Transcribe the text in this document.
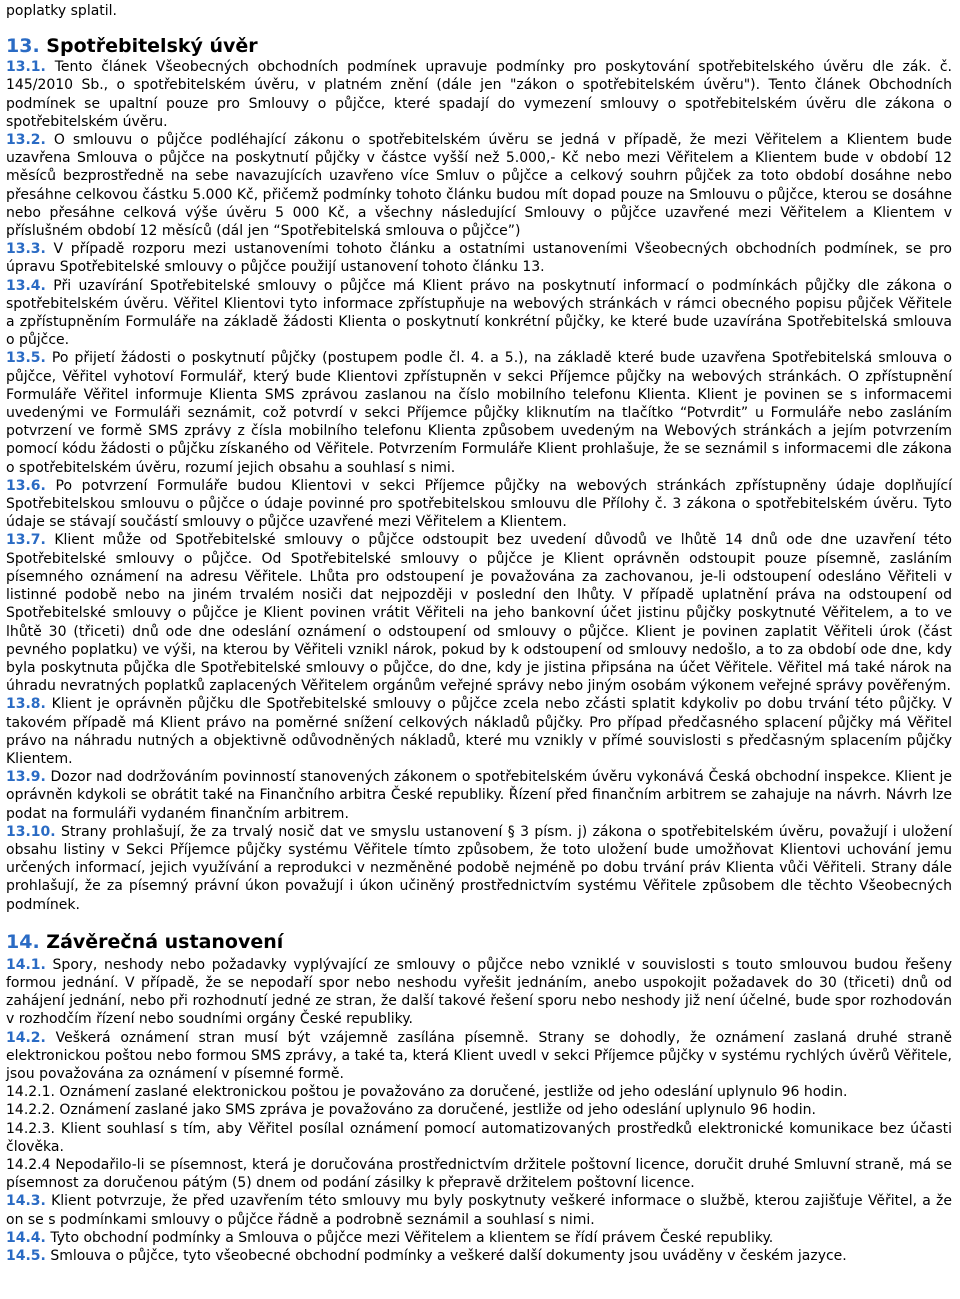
poplatky splatil.

13. Spotřebitelský úvěr

13.1. Tento článek Všeobecných obchodních podmínek upravuje podmínky pro poskytování spotřebitelského úvěru dle zák. č. 145/2010 Sb., o spotřebitelském úvěru, v platném znění (dále jen "zákon o spotřebitelském úvěru"). Tento článek Obchodních podmínek se upaltní pouze pro Smlouvy o půjčce, které spadají do vymezení smlouvy o spotřebitelském úvěru dle zákona o spotřebitelském úvěru.

13.2. O smlouvu o půjčce podléhající zákonu o spotřebitelském úvěru se jedná v případě, že mezi Věřitelem a Klientem bude uzavřena Smlouva o půjčce na poskytnutí půjčky v částce vyšší než 5.000,- Kč nebo mezi Věřitelem a Klientem bude v období 12 měsíců bezprostředně na sebe navazujících uzavřeno více Smluv o půjčce a celkový souhrn půjček za toto období dosáhne nebo přesáhne celkovou částku 5.000 Kč, přičemž podmínky tohoto článku budou mít dopad pouze na Smlouvu o půjčce, kterou se dosáhne nebo přesáhne celková výše úvěru 5 000 Kč, a všechny následující Smlouvy o půjčce uzavřené mezi Věřitelem a Klientem v příslušném období 12 měsíců (dál jen “Spotřebitelská smlouva o půjčce”)

13.3. V případě rozporu mezi ustanoveními tohoto článku a ostatními ustanoveními Všeobecných obchodních podmínek, se pro úpravu Spotřebitelské smlouvy o půjčce použijí ustanovení tohoto článku 13.

13.4. Při uzavírání Spotřebitelské smlouvy o půjčce má Klient právo na poskytnutí informací o podmínkách půjčky dle zákona o spotřebitelském úvěru. Věřitel Klientovi tyto informace zpřístupňuje na webových stránkách v rámci obecného popisu půjček Věřitele a zpřístupněním Formuláře na základě žádosti Klienta o poskytnutí konkrétní půjčky, ke které bude uzavírána Spotřebitelská smlouva o půjčce.

13.5. Po přijetí žádosti o poskytnutí půjčky (postupem podle čl. 4. a 5.), na základě které bude uzavřena Spotřebitelská smlouva o půjčce, Věřitel vyhotoví Formulář, který bude Klientovi zpřístupněn v sekci Příjemce půjčky na webových stránkách. O zpřístupnění Formuláře Věřitel informuje Klienta SMS zprávou zaslanou na číslo mobilního telefonu Klienta. Klient je povinen se s informacemi uvedenými ve Formuláři seznámit, což potvrdí v sekci Příjemce půjčky kliknutím na tlačítko “Potvrdit” u Formuláře nebo zasláním potvrzení ve formě SMS zprávy z čísla mobilního telefonu Klienta způsobem uvedeným na Webových stránkách a jejím potvrzením pomocí kódu žádosti o půjčku získaného od Věřitele. Potvrzením Formuláře Klient prohlašuje, že se seznámil s informacemi dle zákona o spotřebitelském úvěru, rozumí jejich obsahu a souhlasí s nimi.

13.6. Po potvrzení Formuláře budou Klientovi v sekci Příjemce půjčky na webových stránkách zpřístupněny údaje doplňující Spotřebitelskou smlouvu o půjčce o údaje povinné pro spotřebitelskou smlouvu dle Přílohy č. 3 zákona o spotřebitelském úvěru. Tyto údaje se stávají součástí smlouvy o půjčce uzavřené mezi Věřitelem a Klientem.

13.7. Klient může od Spotřebitelské smlouvy o půjčce odstoupit bez uvedení důvodů ve lhůtě 14 dnů ode dne uzavření této Spotřebitelské smlouvy o půjčce. Od Spotřebitelské smlouvy o půjčce je Klient oprávněn odstoupit pouze písemně, zasláním písemného oznámení na adresu Věřitele. Lhůta pro odstoupení je považována za zachovanou, je-li odstoupení odesláno Věřiteli v listinné podobě nebo na jiném trvalém nosiči dat nejpozději v poslední den lhůty. V případě uplatnění práva na odstoupení od Spotřebitelské smlouvy o půjčce je Klient povinen vrátit Věřiteli na jeho bankovní účet jistinu půjčky poskytnuté Věřitelem, a to ve lhůtě 30 (třiceti) dnů ode dne odeslání oznámení o odstoupení od smlouvy o půjčce. Klient je povinen zaplatit Věřiteli úrok (část pevného poplatku) ve výši, na kterou by Věřiteli vznikl nárok, pokud by k odstoupení od smlouvy nedošlo, a to za období ode dne, kdy byla poskytnuta půjčka dle Spotřebitelské smlouvy o půjčce, do dne, kdy je jistina připsána na účet Věřitele. Věřitel má také nárok na úhradu nevratných poplatků zaplacených Věřitelem orgánům veřejné správy nebo jiným osobám výkonem veřejné správy pověřeným.

13.8. Klient je oprávněn půjčku dle Spotřebitelské smlouvy o půjčce zcela nebo zčásti splatit kdykoliv po dobu trvání této půjčky. V takovém případě má Klient právo na poměrné snížení celkových nákladů půjčky. Pro případ předčasného splacení půjčky má Věřitel právo na náhradu nutných a objektivně odůvodněných nákladů, které mu vznikly v přímé souvislosti s předčasným splacením půjčky Klientem.

13.9. Dozor nad dodržováním povinností stanovených zákonem o spotřebitelském úvěru vykonává Česká obchodní inspekce. Klient je oprávněn kdykoli se obrátit také na Finančního arbitra České republiky. Řízení před finančním arbitrem se zahajuje na návrh. Návrh lze podat na formuláři vydaném finančním arbitrem.

13.10. Strany prohlašují, že za trvalý nosič dat ve smyslu ustanovení § 3 písm. j) zákona o spotřebitelském úvěru, považují i uložení obsahu listiny v Sekci Příjemce půjčky systému Věřitele tímto způsobem, že toto uložení bude umožňovat Klientovi uchování jemu určených informací, jejich využívání a reprodukci v nezměněné podobě nejméně po dobu trvání práv Klienta vůči Věřiteli. Strany dále prohlašují, že za písemný právní úkon považují i úkon učiněný prostřednictvím systému Věřitele způsobem dle těchto Všeobecných podmínek.

14. Závěrečná ustanovení

14.1. Spory, neshody nebo požadavky vyplývající ze smlouvy o půjčce nebo vzniklé v souvislosti s touto smlouvou budou řešeny formou jednání. V případě, že se nepodaří spor nebo neshodu vyřešit jednáním, anebo uspokojit požadavek do 30 (třiceti) dnů od zahájení jednání, nebo při rozhodnutí jedné ze stran, že další takové řešení sporu nebo neshody již není účelné, bude spor rozhodován v rozhodčím řízení nebo soudními orgány České republiky.

14.2. Veškerá oznámení stran musí být vzájemně zasílána písemně. Strany se dohodly, že oznámení zaslaná druhé straně elektronickou poštou nebo formou SMS zprávy, a také ta, která Klient uvedl v sekci Příjemce půjčky v systému rychlých úvěrů Věřitele, jsou považována za oznámení v písemné formě.

14.2.1. Oznámení zaslané elektronickou poštou je považováno za doručené, jestliže od jeho odeslání uplynulo 96 hodin.

14.2.2. Oznámení zaslané jako SMS zpráva je považováno za doručené, jestliže od jeho odeslání uplynulo 96 hodin.

14.2.3. Klient souhlasí s tím, aby Věřitel posílal oznámení pomocí automatizovaných prostředků elektronické komunikace bez účasti člověka.

14.2.4 Nepodařilo-li se písemnost, která je doručována prostřednictvím držitele poštovní licence, doručit druhé Smluvní straně, má se písemnost za doručenou pátým (5) dnem od podání zásilky k přepravě držitelem poštovní licence.

14.3. Klient potvrzuje, že před uzavřením této smlouvy mu byly poskytnuty veškeré informace o službě, kterou zajišťuje Věřitel, a že on se s podmínkami smlouvy o půjčce řádně a podrobně seznámil a souhlasí s nimi.

14.4. Tyto obchodní podmínky a Smlouva o půjčce mezi Věřitelem a klientem se řídí právem České republiky.

14.5. Smlouva o půjčce, tyto všeobecné obchodní podmínky a veškeré další dokumenty jsou uváděny v českém jazyce.
